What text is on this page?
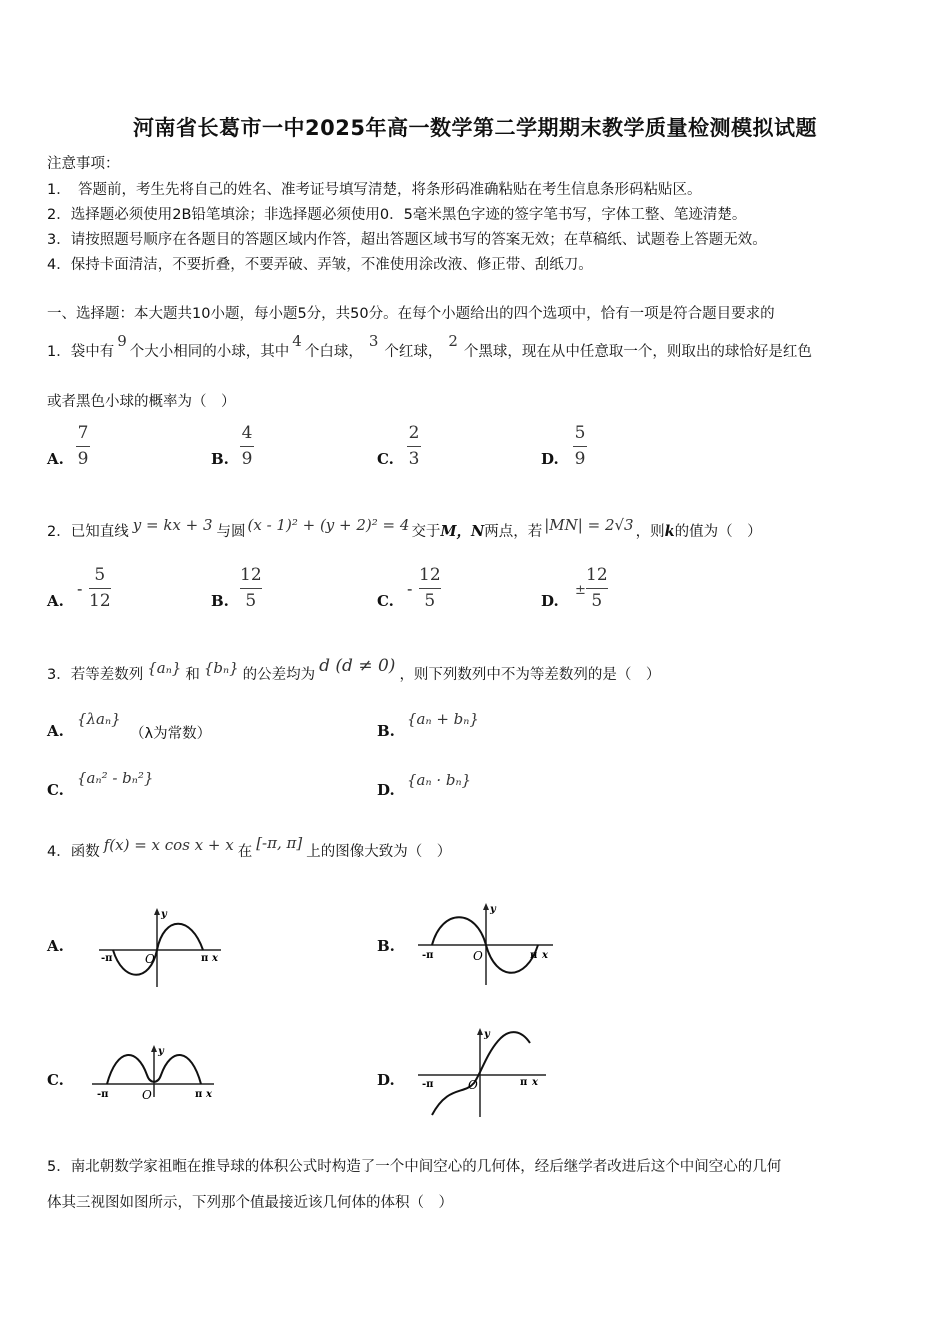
河南省长葛市一中2025年高一数学第二学期期末教学质量检测模拟试题
注意事项：
1．　答题前，考生先将自己的姓名、准考证号填写清楚，将条形码准确粘贴在考生信息条形码粘贴区。
2．选择题必须使用2B铅笔填涂；非选择题必须使用0．5毫米黑色字迹的签字笔书写，字体工整、笔迹清楚。
3．请按照题号顺序在各题目的答题区域内作答，超出答题区域书写的答案无效；在草稿纸、试题卷上答题无效。
4．保持卡面清洁，不要折叠，不要弄破、弄皱，不准使用涂改液、修正带、刮纸刀。
一、选择题：本大题共10小题，每小题5分，共50分。在每个小题给出的四个选项中，恰有一项是符合题目要求的
1．袋中有9个大小相同的小球，其中4个白球，3个红球，2个黑球，现在从中任意取一个，则取出的球恰好是红色
或者黑色小球的概率为（　）
A.
7
9	B.
4
9	C.
2
3	D.
5
9
2．已知直线 y = kx + 3 与圆 (x - 1)² + (y + 2)² = 4 交于M，N两点，若 |MN| = 2√3 ，则k的值为（　）
A.
-
5
12	B.
12
5	C.
-
12
5	D.
±
12
5
3．若等差数列 {aₙ} 和 {bₙ} 的公差均为 d (d ≠ 0) ，则下列数列中不为等差数列的是（　）
A.
{λaₙ}
（λ为常数）	B.
{aₙ + bₙ}
C.
{aₙ² - bₙ²}
D.
{aₙ · bₙ}
4．函数 f(x) = x cos x + x 在 [-π, π] 上的图像大致为（　）
A.
y
-π	O	π x
B.
y
-π	O	π x
C.
y
-π	O	π x
D.
y
-π	O	π x
5．南北朝数学家祖暅在推导球的体积公式时构造了一个中间空心的几何体，经后继学者改进后这个中间空心的几何
体其三视图如图所示，下列那个值最接近该几何体的体积（　）
